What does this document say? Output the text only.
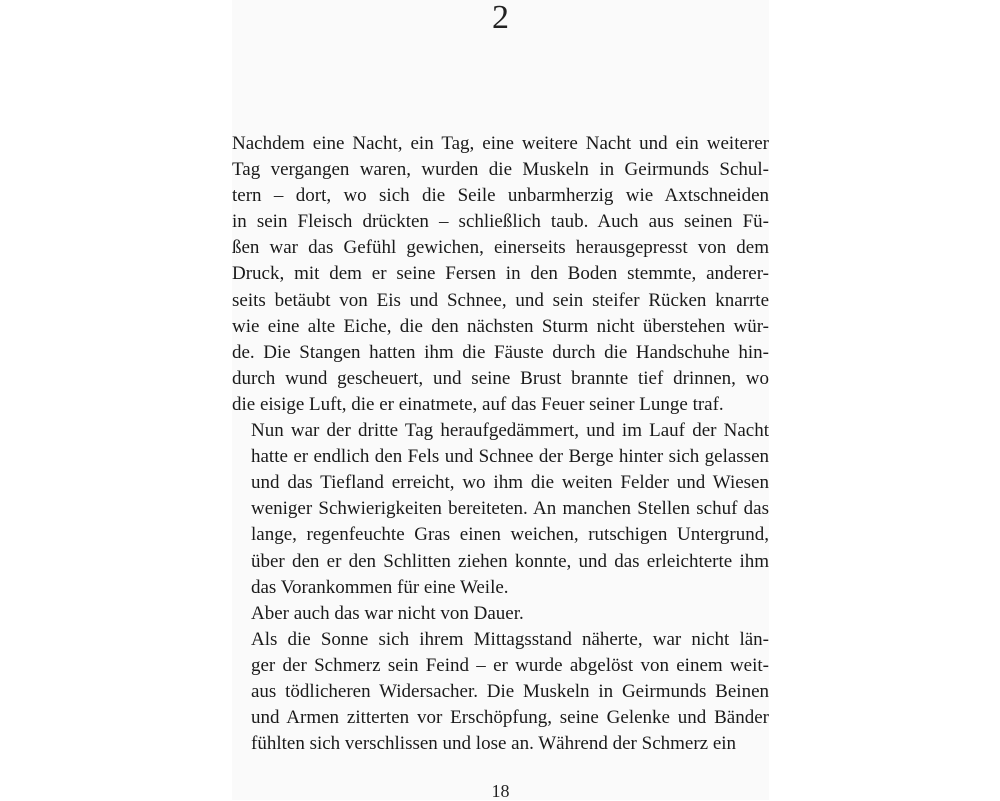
2

Nachdem eine Nacht, ein Tag, eine weitere Nacht und ein weiterer
Tag vergangen waren, wurden die Muskeln in Geirmunds Schul-
tern – dort, wo sich die Seile unbarmherzig wie Axtschneiden
in sein Fleisch drückten – schließlich taub. Auch aus seinen Fü-
ßen war das Gefühl gewichen, einerseits herausgepresst von dem
Druck, mit dem er seine Fersen in den Boden stemmte, anderer-
seits betäubt von Eis und Schnee, und sein steifer Rücken knarrte
wie eine alte Eiche, die den nächsten Sturm nicht überstehen wür-
de. Die Stangen hatten ihm die Fäuste durch die Handschuhe hin-
durch wund gescheuert, und seine Brust brannte tief drinnen, wo
die eisige Luft, die er einatmete, auf das Feuer seiner Lunge traf.

Nun war der dritte Tag heraufgedämmert, und im Lauf der Nacht
hatte er endlich den Fels und Schnee der Berge hinter sich gelassen
und das Tiefland erreicht, wo ihm die weiten Felder und Wiesen
weniger Schwierigkeiten bereiteten. An manchen Stellen schuf das
lange, regenfeuchte Gras einen weichen, rutschigen Untergrund,
über den er den Schlitten ziehen konnte, und das erleichterte ihm
das Vorankommen für eine Weile.

Aber auch das war nicht von Dauer.

Als die Sonne sich ihrem Mittagsstand näherte, war nicht län-
ger der Schmerz sein Feind – er wurde abgelöst von einem weit-
aus tödlicheren Widersacher. Die Muskeln in Geirmunds Beinen
und Armen zitterten vor Erschöpfung, seine Gelenke und Bänder
fühlten sich verschlissen und lose an. Während der Schmerz ein

18
